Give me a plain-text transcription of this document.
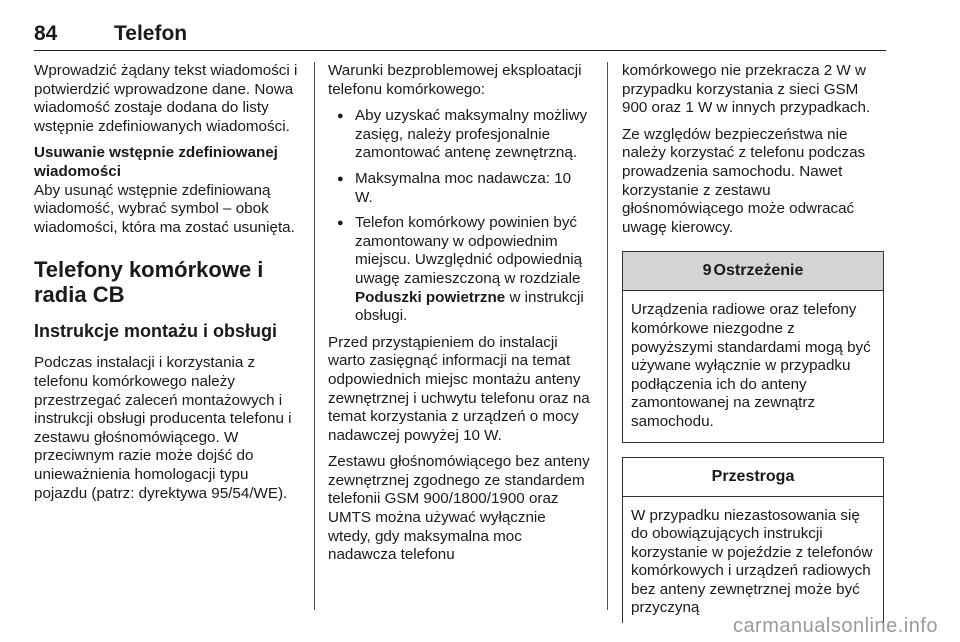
84	Telefon

Wprowadzić żądany tekst wiadomości i potwierdzić wprowadzone dane. Nowa wiadomość zostaje dodana do listy wstępnie zdefiniowanych wiadomości.

Usuwanie wstępnie zdefiniowanej wiadomości

Aby usunąć wstępnie zdefiniowaną wiadomość, wybrać symbol – obok wiadomości, która ma zostać usunięta.

Telefony komórkowe i radia CB
Instrukcje montażu i obsługi

Podczas instalacji i korzystania z telefonu komórkowego należy przestrzegać zaleceń montażowych i instrukcji obsługi producenta telefonu i zestawu głośnomówiącego. W przeciwnym razie może dojść do unieważnienia homologacji typu pojazdu (patrz: dyrektywa 95/54/WE).

Warunki bezproblemowej eksploatacji telefonu komórkowego:

● Aby uzyskać maksymalny możliwy zasięg, należy profesjonalnie zamontować antenę zewnętrzną.
● Maksymalna moc nadawcza: 10 W.
● Telefon komórkowy powinien być zamontowany w odpowiednim miejscu. Uwzględnić odpowiednią uwagę zamieszczoną w rozdziale Poduszki powietrzne w instrukcji obsługi.

Przed przystąpieniem do instalacji warto zasięgnąć informacji na temat odpowiednich miejsc montażu anteny zewnętrznej i uchwytu telefonu oraz na temat korzystania z urządzeń o mocy nadawczej powyżej 10 W.

Zestawu głośnomówiącego bez anteny zewnętrznej zgodnego ze standardem telefonii GSM 900/1800/1900 oraz UMTS można używać wyłącznie wtedy, gdy maksymalna moc nadawcza telefonu

komórkowego nie przekracza 2 W w przypadku korzystania z sieci GSM 900 oraz 1 W w innych przypadkach.

Ze względów bezpieczeństwa nie należy korzystać z telefonu podczas prowadzenia samochodu. Nawet korzystanie z zestawu głośnomówiącego może odwracać uwagę kierowcy.

9 Ostrzeżenie
Urządzenia radiowe oraz telefony komórkowe niezgodne z powyższymi standardami mogą być używane wyłącznie w przypadku podłączenia ich do anteny zamontowanej na zewnątrz samochodu.
Przestroga
W przypadku niezastosowania się do obowiązujących instrukcji korzystanie w pojeździe z telefonów komórkowych i urządzeń radiowych bez anteny zewnętrznej może być przyczyną
carmanualsonline.info
